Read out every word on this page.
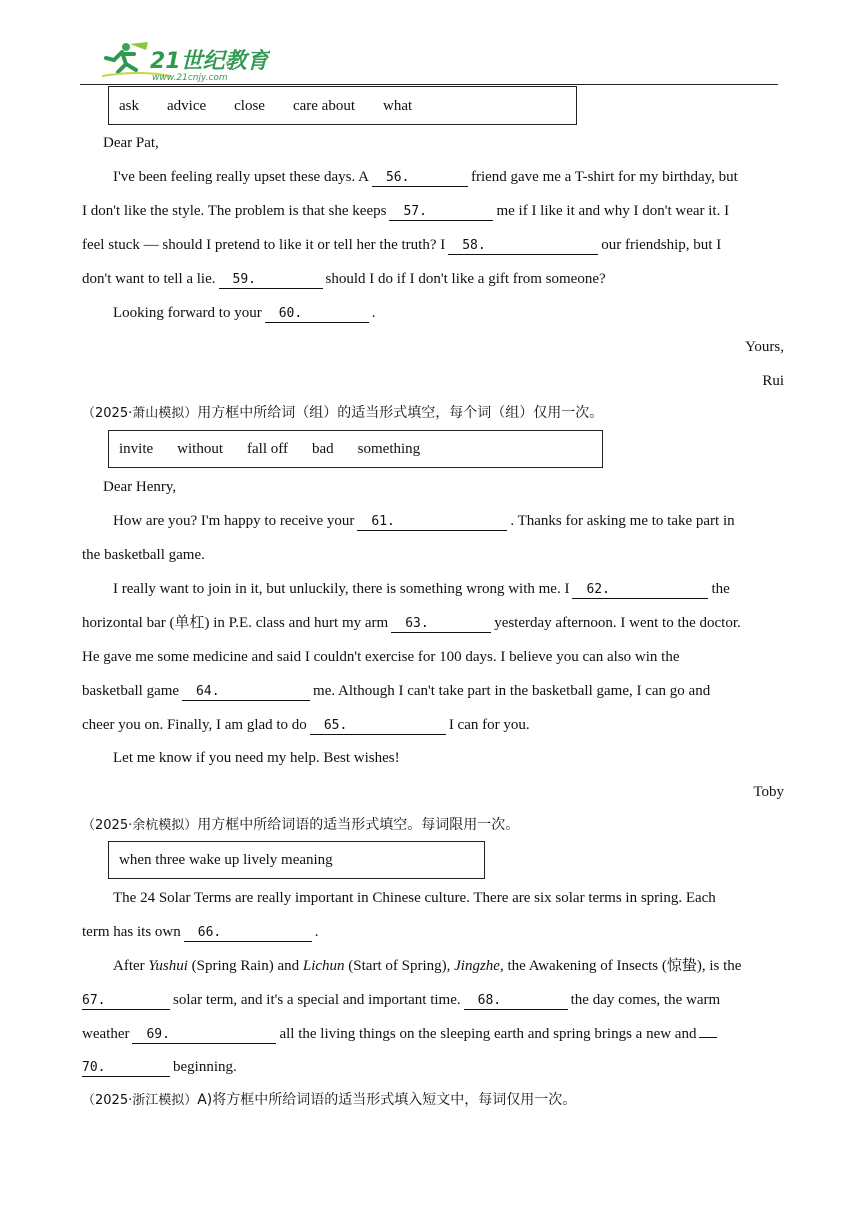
21世纪教育
www.21cnjy.com
ask advice close care about what
Dear Pat,
I've been feeling really upset these days. A 56.	friend gave me a T-shirt for my birthday, but
I don't like the style. The problem is that she keeps 57.	me if I like it and why I don't wear it. I
feel stuck — should I pretend to like it or tell her the truth? I 58.	our friendship, but I
don't want to tell a lie. 59.	should I do if I don't like a gift from someone?
Looking forward to your 60.	.
Yours,
Rui
（2025·萧山模拟）用方框中所给词（组）的适当形式填空，每个词（组）仅用一次。
invite without fall off bad something
Dear Henry,
How are you? I'm happy to receive your 61.	. Thanks for asking me to take part in
the basketball game.
I really want to join in it, but unluckily, there is something wrong with me. I 62.	the
horizontal bar (单杠) in P.E. class and hurt my arm 63.	yesterday afternoon. I went to the doctor.
He gave me some medicine and said I couldn't exercise for 100 days. I believe you can also win the
basketball game 64.	me. Although I can't take part in the basketball game, I can go and
cheer you on. Finally, I am glad to do 65.	I can for you.
Let me know if you need my help. Best wishes!
Toby
（2025·余杭模拟）用方框中所给词语的适当形式填空。每词限用一次。
when three wake up lively meaning
The 24 Solar Terms are really important in Chinese culture. There are six solar terms in spring. Each
term has its own 66.	.
After Yushui (Spring Rain) and Lichun (Start of Spring), Jingzhe, the Awakening of Insects (惊蛰), is the
67.	solar term, and it's a special and important time. 68.	the day comes, the warm
weather 69.	all the living things on the sleeping earth and spring brings a new and
70.	beginning.
（2025·浙江模拟）A)将方框中所给词语的适当形式填入短文中，每词仅用一次。
